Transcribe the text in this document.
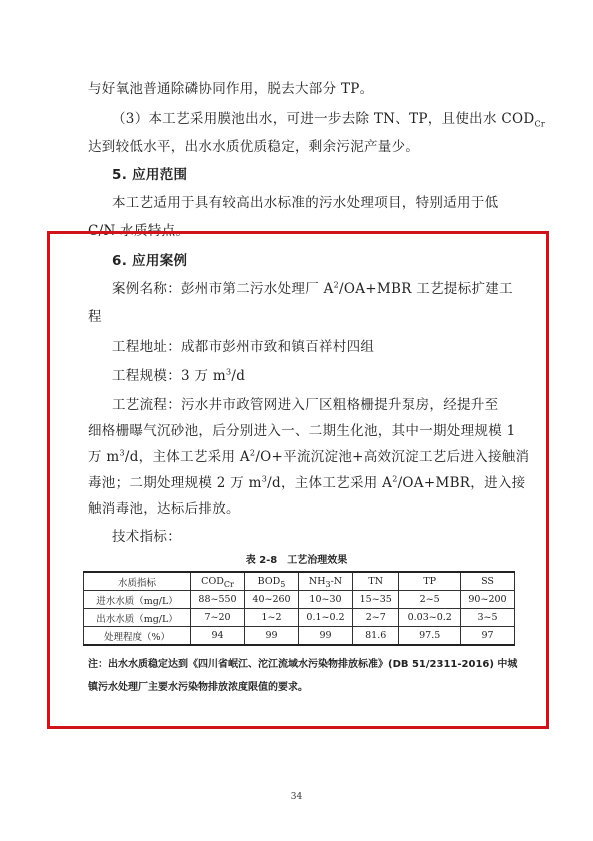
与好氧池普通除磷协同作用，脱去大部分 TP。
（3）本工艺采用膜池出水，可进一步去除 TN、TP，且使出水 $COD_{Cr}$
达到较低水平，出水水质优质稳定，剩余污泥产量少。
5. 应用范围
本工艺适用于具有较高出水标准的污水处理项目，特别适用于低
C/N 水质特点。
6. 应用案例
案例名称：彭州市第二污水处理厂 $A^2/OA+MBR$ 工艺提标扩建工
程
工程地址：成都市彭州市致和镇百祥村四组
工程规模：3 万 $m^3/d$
工艺流程：污水井市政管网进入厂区粗格栅提升泵房，经提升至
细格栅曝气沉砂池，后分别进入一、二期生化池，其中一期处理规模 1
万 $m^3/d$，主体工艺采用 $A^2/O+$平流沉淀池+高效沉淀工艺后进入接触消
毒池；二期处理规模 2 万 $m^3/d$，主体工艺采用 $A^2/OA+MBR$，进入接
触消毒池，达标后排放。
技术指标：
表 2-8　工艺治理效果
水质指标	$COD_{Cr}$	$BOD_5$	$NH_3-N$	TN	TP	SS
进水水质（mg/L）	88~550	40~260	10~30	15~35	2~5	90~200
出水水质（mg/L）	7~20	1~2	0.1~0.2	2~7	0.03~0.2	3~5
处理程度（%）	94	99	99	81.6	97.5	97
注：出水水质稳定达到《四川省岷江、沱江流域水污染物排放标准》(DB 51/2311-2016) 中城
镇污水处理厂主要水污染物排放浓度限值的要求。
34
